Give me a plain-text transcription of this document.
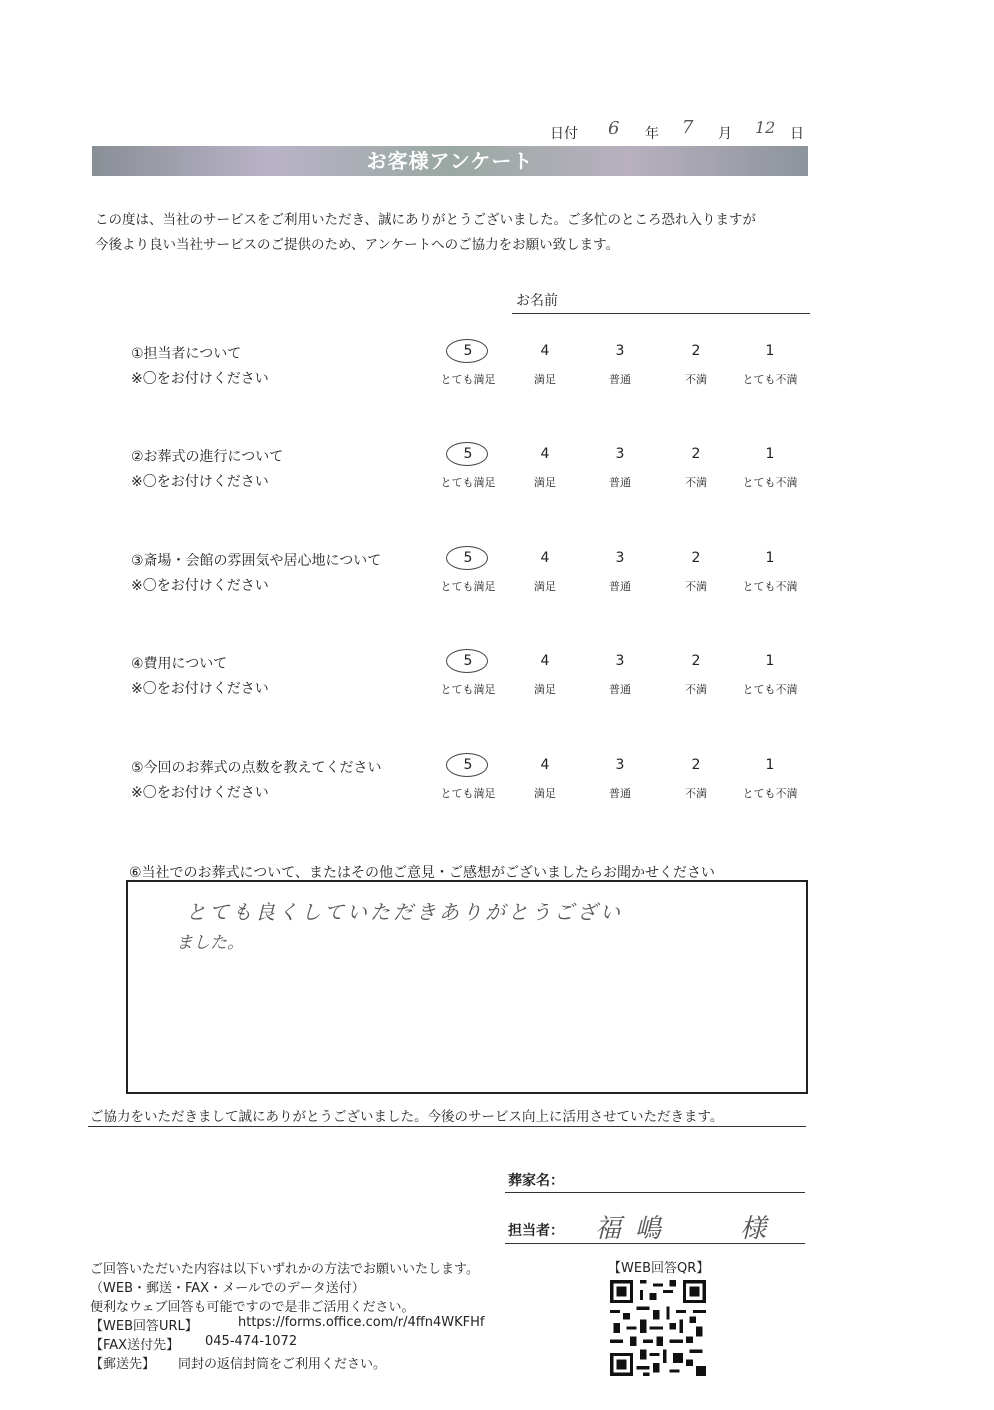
日付 6 年 7 月 12 日
お客様アンケート
この度は、当社のサービスをご利用いただき、誠にありがとうございました。ご多忙のところ恐れ入りますが
今後より良い当社サービスのご提供のため、アンケートへのご協力をお願い致します。
お名前
①担当者について
※〇をお付けください
5
とても満足
4
満足
3
普通
2
不満
1
とても不満
②お葬式の進行について
※〇をお付けください
5
とても満足
4
満足
3
普通
2
不満
1
とても不満
③斎場・会館の雰囲気や居心地について
※〇をお付けください
5
とても満足
4
満足
3
普通
2
不満
1
とても不満
④費用について
※〇をお付けください
5
とても満足
4
満足
3
普通
2
不満
1
とても不満
⑤今回のお葬式の点数を教えてください
※〇をお付けください
5
とても満足
4
満足
3
普通
2
不満
1
とても不満
⑥当社でのお葬式について、またはその他ご意見・ご感想がございましたらお聞かせください
とても良くしていただきありがとうござい
ました。
ご協力をいただきまして誠にありがとうございました。今後のサービス向上に活用させていただきます。
葬家名：
担当者： 福嶋 様
ご回答いただいた内容は以下いずれかの方法でお願いいたします。
（WEB・郵送・FAX・メールでのデータ送付）
便利なウェブ回答も可能ですので是非ご活用ください。
【WEB回答URL】	https://forms.office.com/r/4ffn4WKFHf
【FAX送付先】 045-474-1072
【郵送先】 同封の返信封筒をご利用ください。
【WEB回答QR】
